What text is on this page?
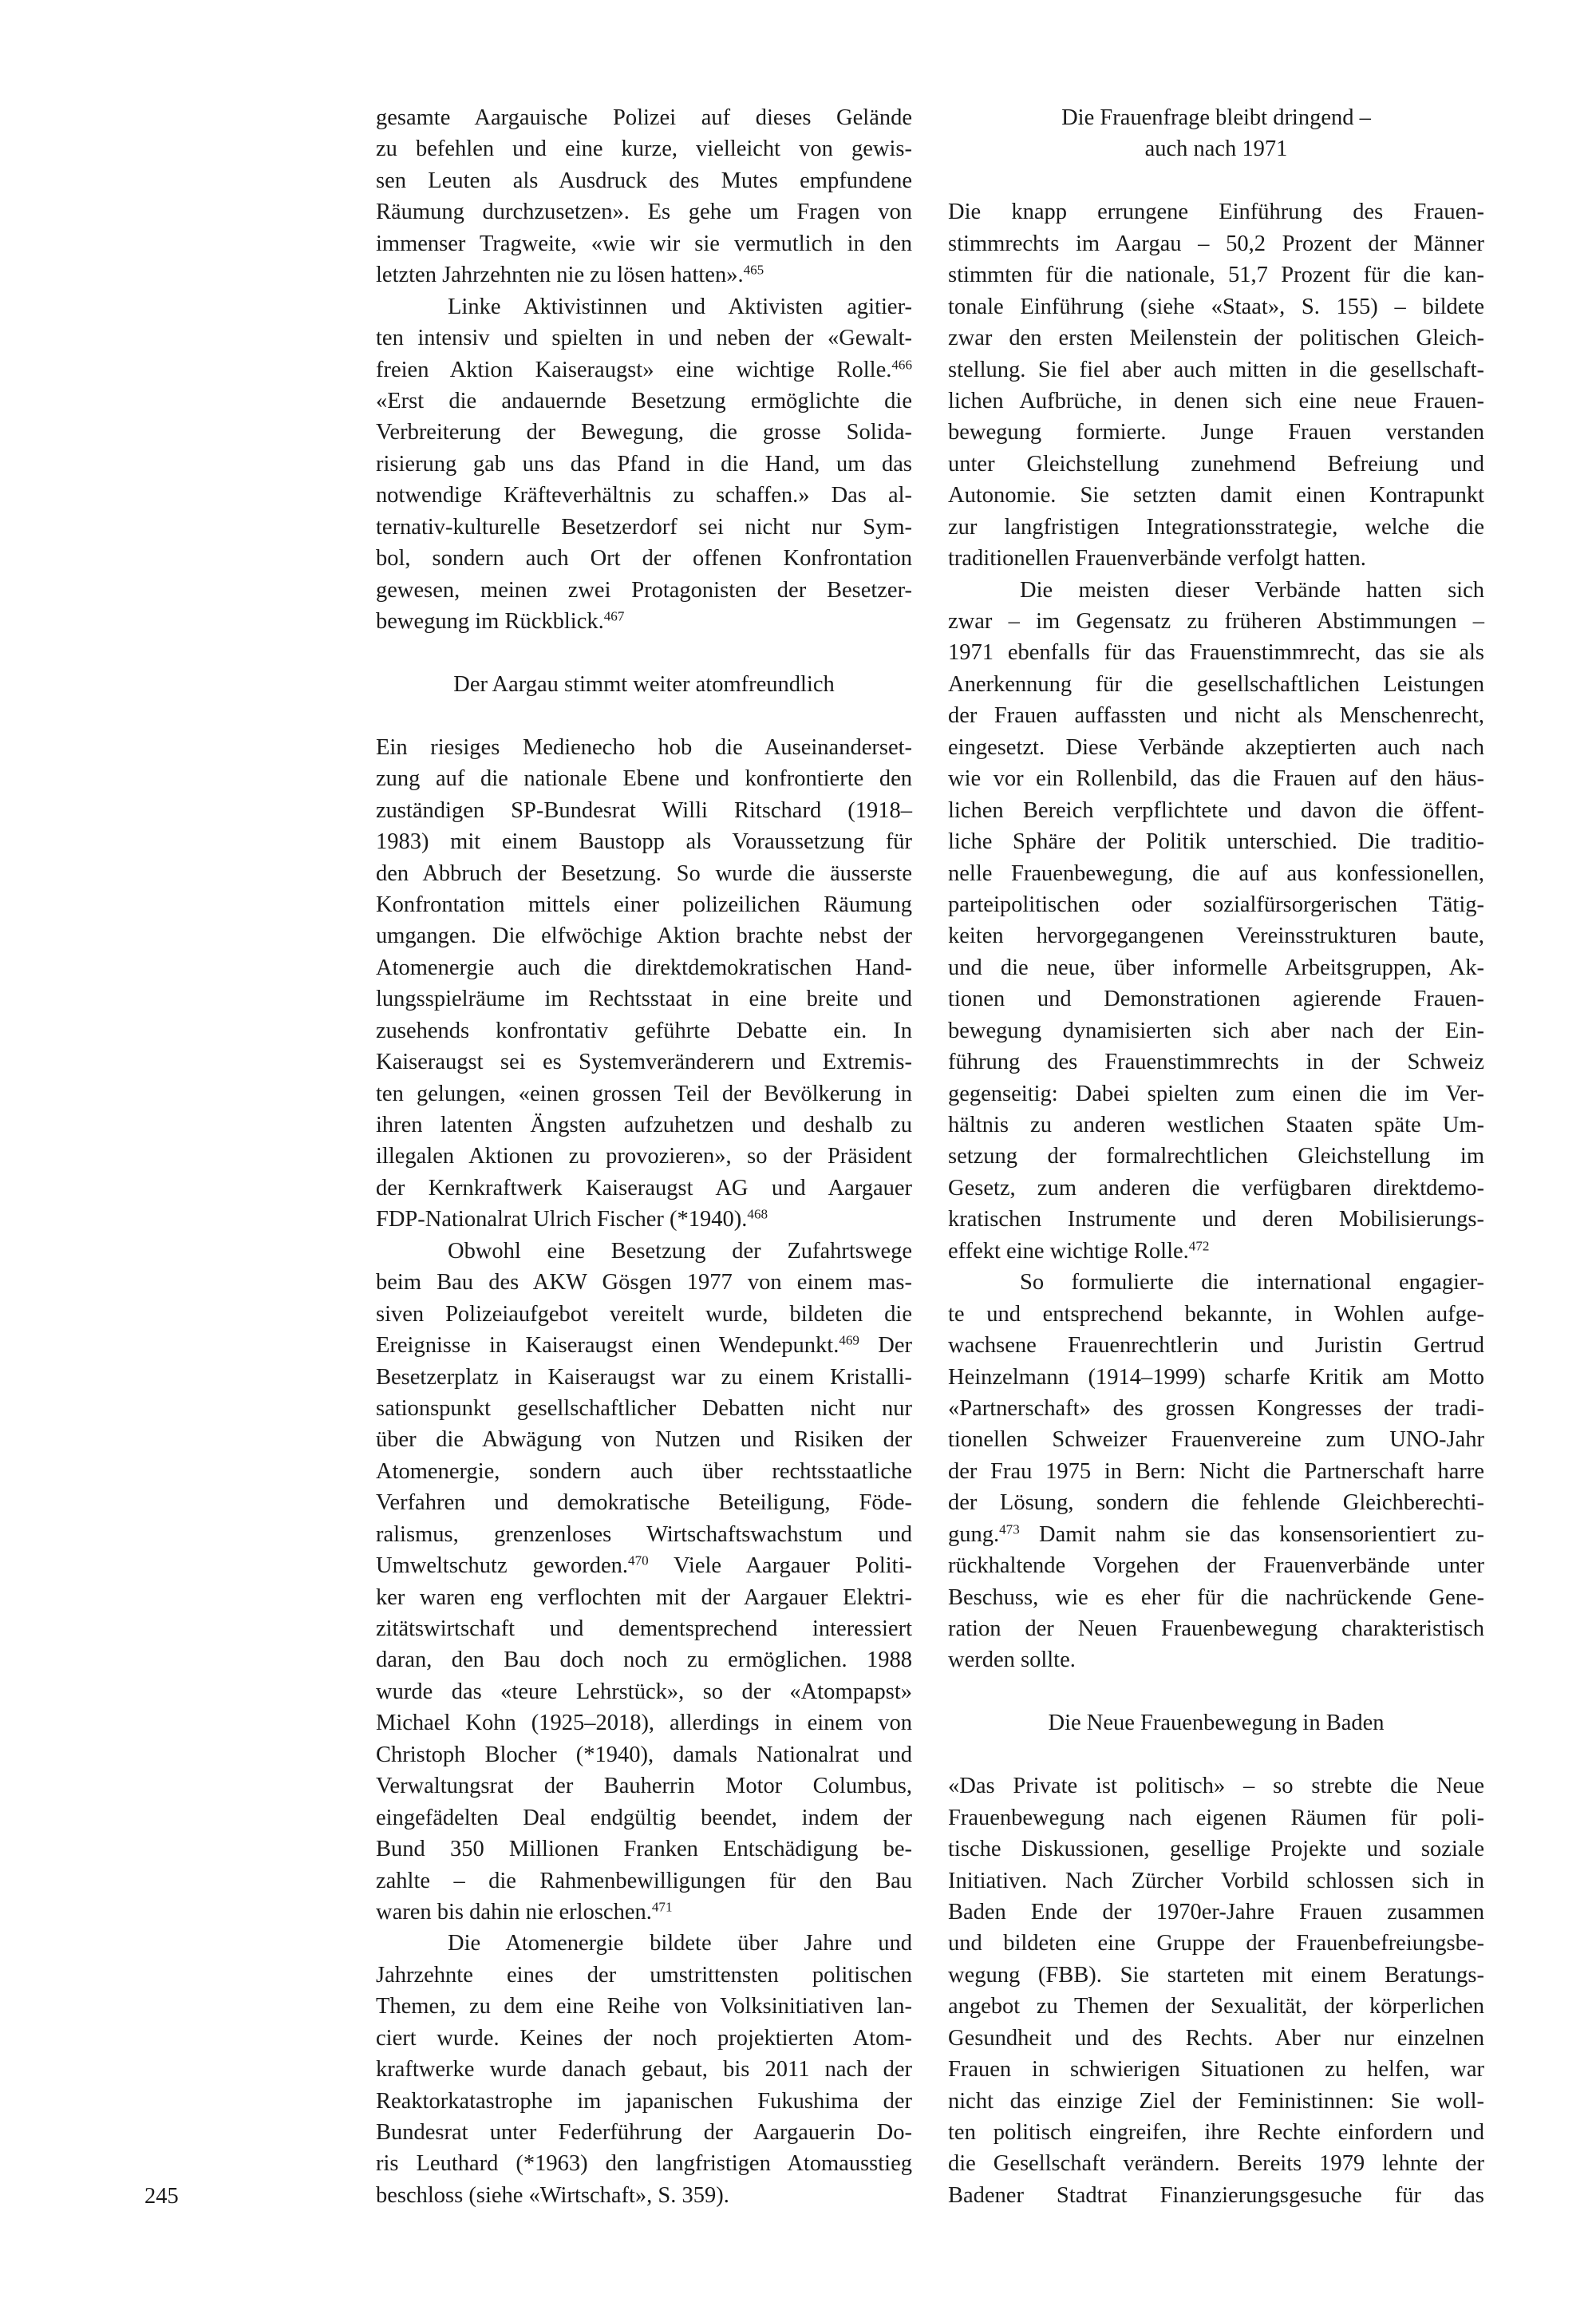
gesamte Aargauische Polizei auf dieses Gelände
zu befehlen und eine kurze, vielleicht von gewis-
sen Leuten als Ausdruck des Mutes empfundene
Räumung durchzusetzen». Es gehe um Fragen von
immenser Tragweite, «wie wir sie vermutlich in den
letzten Jahrzehnten nie zu lösen hatten».$^{465}$
Linke Aktivistinnen und Aktivisten agitier-
ten intensiv und spielten in und neben der «Gewalt-
freien Aktion Kaiseraugst» eine wichtige Rolle.$^{466}$
«Erst die andauernde Besetzung ermöglichte die
Verbreiterung der Bewegung, die grosse Solida-
risierung gab uns das Pfand in die Hand, um das
notwendige Kräfteverhältnis zu schaffen.» Das al-
ternativ-kulturelle Besetzerdorf sei nicht nur Sym-
bol, sondern auch Ort der offenen Konfrontation
gewesen, meinen zwei Protagonisten der Besetzer-
bewegung im Rückblick.$^{467}$
Der Aargau stimmt weiter atomfreundlich
Ein riesiges Medienecho hob die Auseinanderset-
zung auf die nationale Ebene und konfrontierte den
zuständigen SP-Bundesrat Willi Ritschard (1918–
1983) mit einem Baustopp als Voraussetzung für
den Abbruch der Besetzung. So wurde die äusserste
Konfrontation mittels einer polizeilichen Räumung
umgangen. Die elfwöchige Aktion brachte nebst der
Atomenergie auch die direktdemokratischen Hand-
lungsspielräume im Rechtsstaat in eine breite und
zusehends konfrontativ geführte Debatte ein. In
Kaiseraugst sei es Systemveränderern und Extremis-
ten gelungen, «einen grossen Teil der Bevölkerung in
ihren latenten Ängsten aufzuhetzen und deshalb zu
illegalen Aktionen zu provozieren», so der Präsident
der Kernkraftwerk Kaiseraugst AG und Aargauer
FDP-Nationalrat Ulrich Fischer (*1940).$^{468}$
Obwohl eine Besetzung der Zufahrtswege
beim Bau des AKW Gösgen 1977 von einem mas-
siven Polizeiaufgebot vereitelt wurde, bildeten die
Ereignisse in Kaiseraugst einen Wendepunkt.$^{469}$ Der
Besetzerplatz in Kaiseraugst war zu einem Kristalli-
sationspunkt gesellschaftlicher Debatten nicht nur
über die Abwägung von Nutzen und Risiken der
Atomenergie, sondern auch über rechtsstaatliche
Verfahren und demokratische Beteiligung, Föde-
ralismus, grenzenloses Wirtschaftswachstum und
Umweltschutz geworden.$^{470}$ Viele Aargauer Politi-
ker waren eng verflochten mit der Aargauer Elektri-
zitätswirtschaft und dementsprechend interessiert
daran, den Bau doch noch zu ermöglichen. 1988
wurde das «teure Lehrstück», so der «Atompapst»
Michael Kohn (1925–2018), allerdings in einem von
Christoph Blocher (*1940), damals Nationalrat und
Verwaltungsrat der Bauherrin Motor Columbus,
eingefädelten Deal endgültig beendet, indem der
Bund 350 Millionen Franken Entschädigung be-
zahlte – die Rahmenbewilligungen für den Bau
waren bis dahin nie erloschen.$^{471}$
Die Atomenergie bildete über Jahre und
Jahrzehnte eines der umstrittensten politischen
Themen, zu dem eine Reihe von Volksinitiativen lan-
ciert wurde. Keines der noch projektierten Atom-
kraftwerke wurde danach gebaut, bis 2011 nach der
Reaktorkatastrophe im japanischen Fukushima der
Bundesrat unter Federführung der Aargauerin Do-
ris Leuthard (*1963) den langfristigen Atomausstieg
beschloss (siehe «Wirtschaft», S. 359).
Die Frauenfrage bleibt dringend –
auch nach 1971
Die knapp errungene Einführung des Frauen-
stimmrechts im Aargau – 50,2 Prozent der Männer
stimmten für die nationale, 51,7 Prozent für die kan-
tonale Einführung (siehe «Staat», S. 155) – bildete
zwar den ersten Meilenstein der politischen Gleich-
stellung. Sie fiel aber auch mitten in die gesellschaft-
lichen Aufbrüche, in denen sich eine neue Frauen-
bewegung formierte. Junge Frauen verstanden
unter Gleichstellung zunehmend Befreiung und
Autonomie. Sie setzten damit einen Kontrapunkt
zur langfristigen Integrationsstrategie, welche die
traditionellen Frauenverbände verfolgt hatten.
Die meisten dieser Verbände hatten sich
zwar – im Gegensatz zu früheren Abstimmungen –
1971 ebenfalls für das Frauenstimmrecht, das sie als
Anerkennung für die gesellschaftlichen Leistungen
der Frauen auffassten und nicht als Menschenrecht,
eingesetzt. Diese Verbände akzeptierten auch nach
wie vor ein Rollenbild, das die Frauen auf den häus-
lichen Bereich verpflichtete und davon die öffent-
liche Sphäre der Politik unterschied. Die traditio-
nelle Frauenbewegung, die auf aus konfessionellen,
parteipolitischen oder sozialfürsorgerischen Tätig-
keiten hervorgegangenen Vereinsstrukturen baute,
und die neue, über informelle Arbeitsgruppen, Ak-
tionen und Demonstrationen agierende Frauen-
bewegung dynamisierten sich aber nach der Ein-
führung des Frauenstimmrechts in der Schweiz
gegenseitig: Dabei spielten zum einen die im Ver-
hältnis zu anderen westlichen Staaten späte Um-
setzung der formalrechtlichen Gleichstellung im
Gesetz, zum anderen die verfügbaren direktdemo-
kratischen Instrumente und deren Mobilisierungs-
effekt eine wichtige Rolle.$^{472}$
So formulierte die international engagier-
te und entsprechend bekannte, in Wohlen aufge-
wachsene Frauenrechtlerin und Juristin Gertrud
Heinzelmann (1914–1999) scharfe Kritik am Motto
«Partnerschaft» des grossen Kongresses der tradi-
tionellen Schweizer Frauenvereine zum UNO-Jahr
der Frau 1975 in Bern: Nicht die Partnerschaft harre
der Lösung, sondern die fehlende Gleichberechti-
gung.$^{473}$ Damit nahm sie das konsensorientiert zu-
rückhaltende Vorgehen der Frauenverbände unter
Beschuss, wie es eher für die nachrückende Gene-
ration der Neuen Frauenbewegung charakteristisch
werden sollte.
Die Neue Frauenbewegung in Baden
«Das Private ist politisch» – so strebte die Neue
Frauenbewegung nach eigenen Räumen für poli-
tische Diskussionen, gesellige Projekte und soziale
Initiativen. Nach Zürcher Vorbild schlossen sich in
Baden Ende der 1970er-Jahre Frauen zusammen
und bildeten eine Gruppe der Frauenbefreiungsbe-
wegung (FBB). Sie starteten mit einem Beratungs-
angebot zu Themen der Sexualität, der körperlichen
Gesundheit und des Rechts. Aber nur einzelnen
Frauen in schwierigen Situationen zu helfen, war
nicht das einzige Ziel der Feministinnen: Sie woll-
ten politisch eingreifen, ihre Rechte einfordern und
die Gesellschaft verändern. Bereits 1979 lehnte der
Badener Stadtrat Finanzierungsgesuche für das
245
